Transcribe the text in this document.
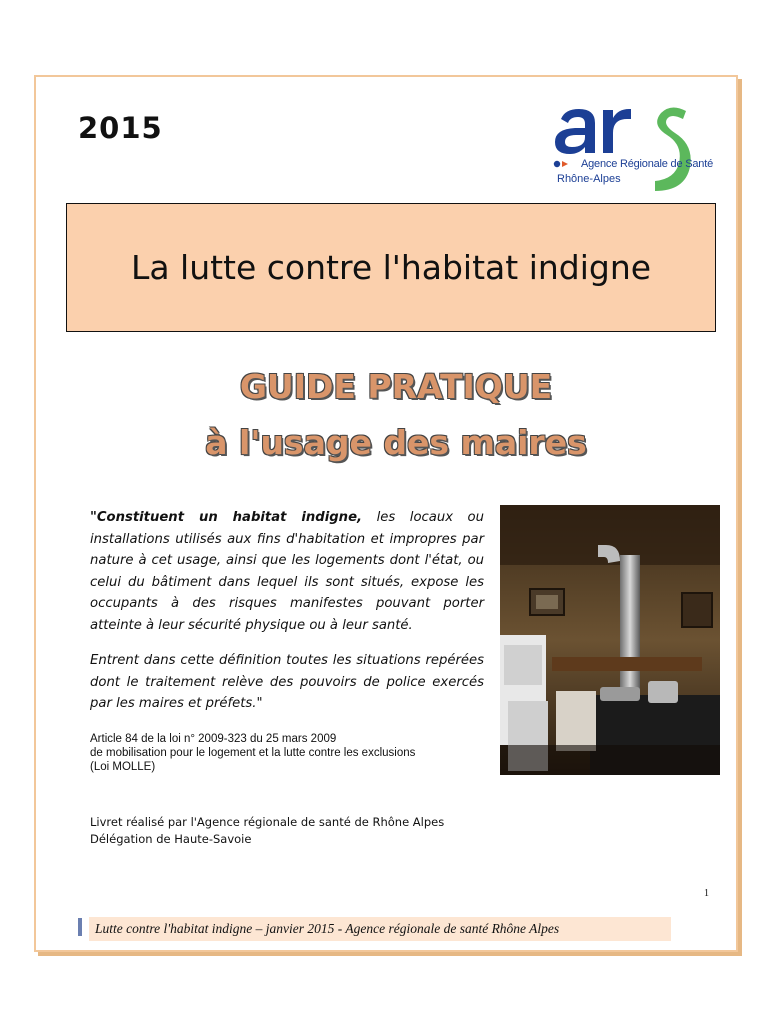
2015
Agence Régionale de Santé
Rhône-Alpes
La lutte contre l'habitat indigne
GUIDE PRATIQUE
à l'usage des maires

"Constituent un habitat indigne, les locaux ou installations utilisés aux fins d'habitation et impropres par nature à cet usage, ainsi que les logements dont l'état, ou celui du bâtiment dans lequel ils sont situés, expose les occupants à des risques manifestes pouvant porter atteinte à leur sécurité physique ou à leur santé.

Entrent dans cette définition toutes les situations repérées dont le traitement relève des pouvoirs de police exercés par les maires et préfets."

Article 84 de la loi n° 2009-323 du 25 mars 2009
de mobilisation pour le logement et la lutte contre les exclusions
(Loi MOLLE)
Livret réalisé par l'Agence régionale de santé de Rhône Alpes
Délégation de Haute-Savoie
1
Lutte contre l'habitat indigne – janvier 2015 - Agence régionale de santé Rhône Alpes
